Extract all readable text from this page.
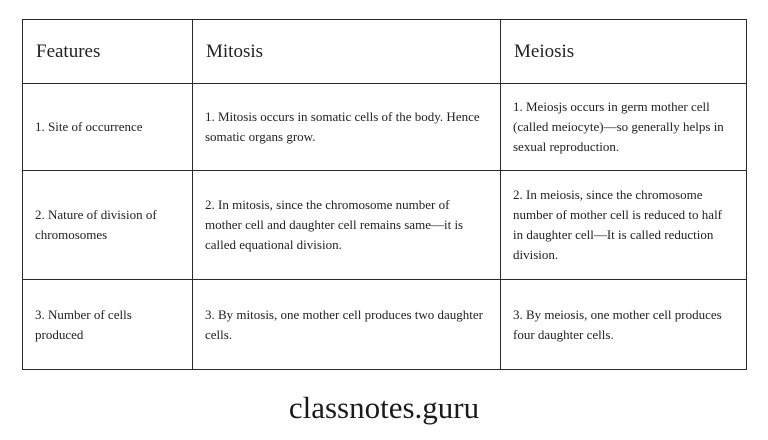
Features	Mitosis	Meiosis
1. Site of occurrence
1. Mitosis occurs in somatic cells of the body. Hence somatic organs grow.
1. Meiosjs occurs in germ mother cell (called meiocyte)—so generally helps in sexual reproduction.
2. Nature of division of chromosomes
2. In mitosis, since the chromosome number of mother cell and daughter cell remains same—it is called equational division.
2. In meiosis, since the chromosome number of mother cell is reduced to half in daughter cell—It is called reduction division.
3. Number of cells produced
3. By mitosis, one mother cell produces two daughter cells.
3. By meiosis, one mother cell produces four daughter cells.
classnotes.guru
